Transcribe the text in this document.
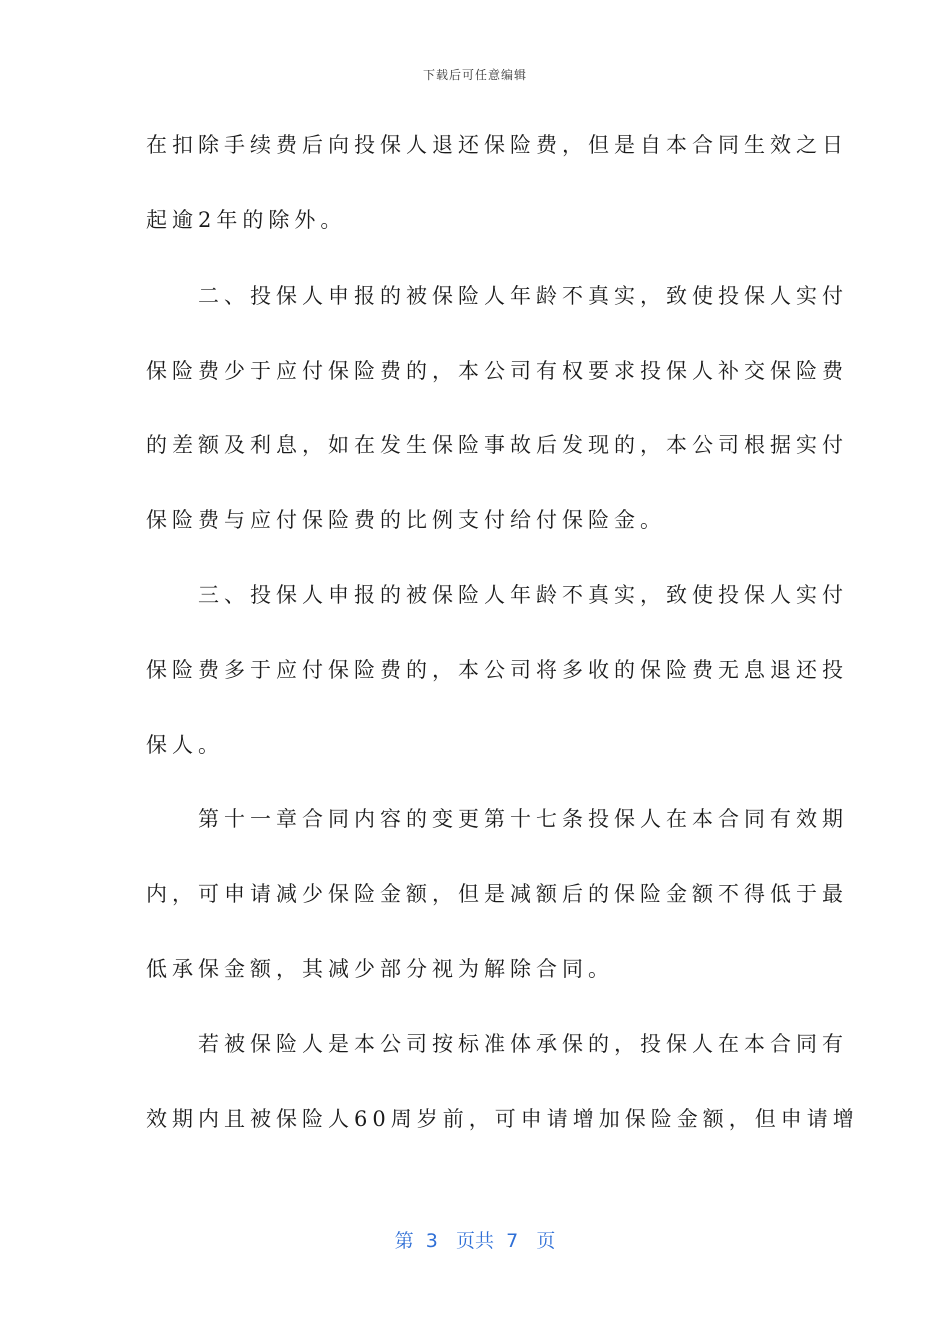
下载后可任意编辑
在扣除手续费后向投保人退还保险费，但是自本合同生效之日
起逾2年的除外。
　　二、投保人申报的被保险人年龄不真实，致使投保人实付
保险费少于应付保险费的，本公司有权要求投保人补交保险费
的差额及利息，如在发生保险事故后发现的，本公司根据实付
保险费与应付保险费的比例支付给付保险金。
　　三、投保人申报的被保险人年龄不真实，致使投保人实付
保险费多于应付保险费的，本公司将多收的保险费无息退还投
保人。
　　第十一章合同内容的变更第十七条投保人在本合同有效期
内，可申请减少保险金额，但是减额后的保险金额不得低于最
低承保金额，其减少部分视为解除合同。
　　若被保险人是本公司按标准体承保的，投保人在本合同有
效期内且被保险人60周岁前，可申请增加保险金额，但申请增
第 3 页共 7 页
